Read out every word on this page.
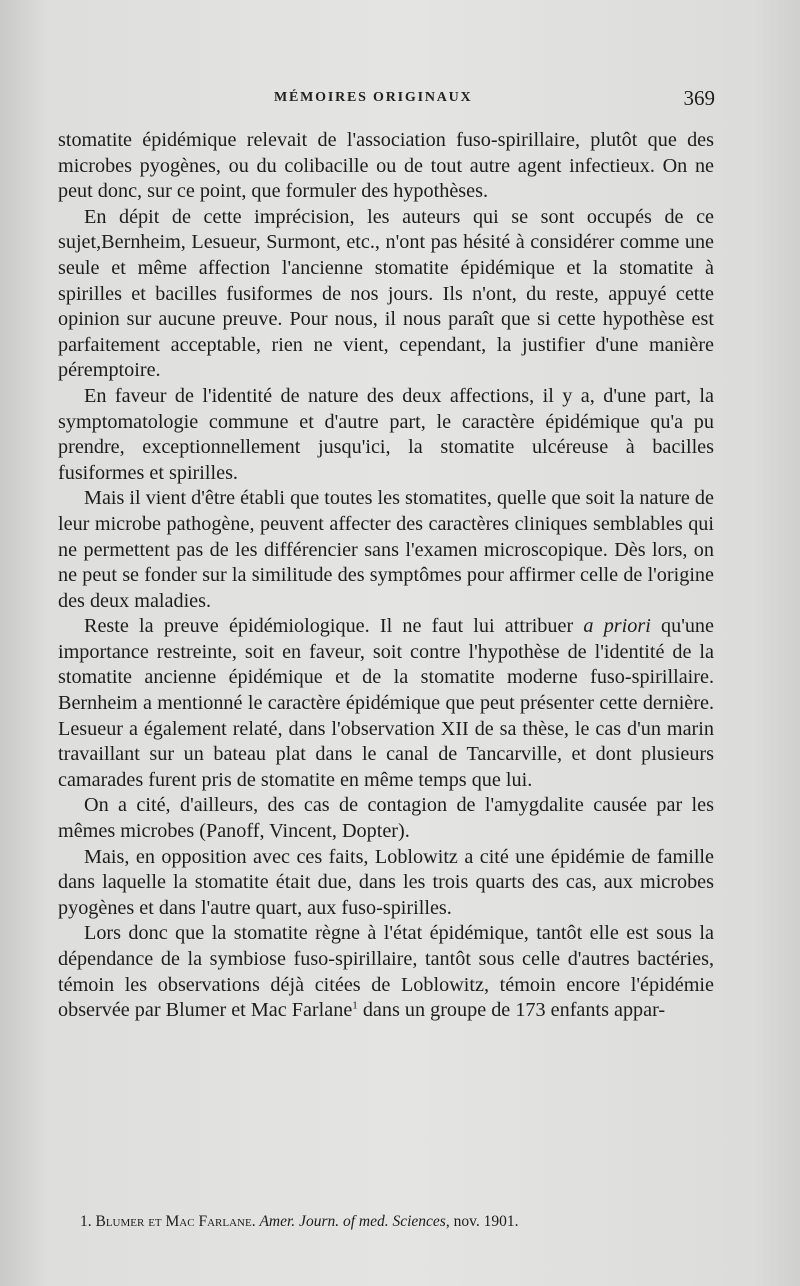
MÉMOIRES ORIGINAUX	369

stomatite épidémique relevait de l'association fuso-spirillaire, plutôt que des microbes pyogènes, ou du colibacille ou de tout autre agent infectieux. On ne peut donc, sur ce point, que formuler des hypothèses.

En dépit de cette imprécision, les auteurs qui se sont occupés de ce sujet,Bernheim, Lesueur, Surmont, etc., n'ont pas hésité à considérer comme une seule et même affection l'ancienne stomatite épidémique et la stomatite à spirilles et bacilles fusiformes de nos jours. Ils n'ont, du reste, appuyé cette opinion sur aucune preuve. Pour nous, il nous paraît que si cette hypothèse est parfaitement acceptable, rien ne vient, cependant, la justifier d'une manière péremptoire.

En faveur de l'identité de nature des deux affections, il y a, d'une part, la symptomatologie commune et d'autre part, le caractère épidémique qu'a pu prendre, exceptionnellement jusqu'ici, la stomatite ulcéreuse à bacilles fusiformes et spirilles.

Mais il vient d'être établi que toutes les stomatites, quelle que soit la nature de leur microbe pathogène, peuvent affecter des caractères cliniques semblables qui ne permettent pas de les différencier sans l'examen microscopique. Dès lors, on ne peut se fonder sur la similitude des symptômes pour affirmer celle de l'origine des deux maladies.

Reste la preuve épidémiologique. Il ne faut lui attribuer a priori qu'une importance restreinte, soit en faveur, soit contre l'hypothèse de l'identité de la stomatite ancienne épidémique et de la stomatite moderne fuso-spirillaire. Bernheim a mentionné le caractère épidémique que peut présenter cette dernière. Lesueur a également relaté, dans l'observation XII de sa thèse, le cas d'un marin travaillant sur un bateau plat dans le canal de Tancarville, et dont plusieurs camarades furent pris de stomatite en même temps que lui.

On a cité, d'ailleurs, des cas de contagion de l'amygdalite causée par les mêmes microbes (Panoff, Vincent, Dopter).

Mais, en opposition avec ces faits, Loblowitz a cité une épidémie de famille dans laquelle la stomatite était due, dans les trois quarts des cas, aux microbes pyogènes et dans l'autre quart, aux fuso-spirilles.

Lors donc que la stomatite règne à l'état épidémique, tantôt elle est sous la dépendance de la symbiose fuso-spirillaire, tantôt sous celle d'autres bactéries, témoin les observations déjà citées de Loblowitz, témoin encore l'épidémie observée par Blumer et Mac Farlane$^1$ dans un groupe de 173 enfants appar-

1. Blumer et Mac Farlane. Amer. Journ. of med. Sciences, nov. 1901.
